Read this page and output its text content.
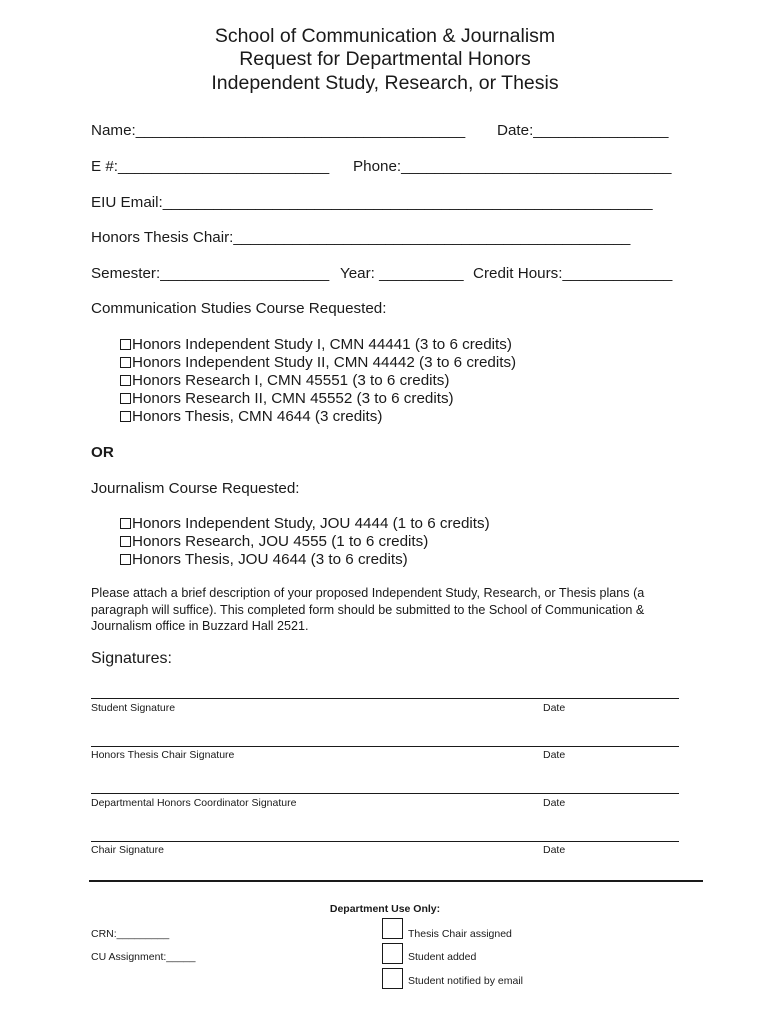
School of Communication & Journalism
Request for Departmental Honors
Independent Study, Research, or Thesis
Name:_______________________________________ Date:________________
E #:_________________________ Phone:________________________________
EIU Email:__________________________________________________________
Honors Thesis Chair:_______________________________________________
Semester:____________________ Year: __________ Credit Hours:_____________
Communication Studies Course Requested:
Honors Independent Study I, CMN 44441 (3 to 6 credits)
Honors Independent Study II, CMN 44442 (3 to 6 credits)
Honors Research I, CMN 45551 (3 to 6 credits)
Honors Research II, CMN 45552 (3 to 6 credits)
Honors Thesis, CMN 4644 (3 credits)
OR
Journalism Course Requested:
Honors Independent Study, JOU 4444 (1 to 6 credits)
Honors Research, JOU 4555 (1 to 6 credits)
Honors Thesis, JOU 4644 (3 to 6 credits)
Please attach a brief description of your proposed Independent Study, Research, or Thesis plans (a paragraph will suffice). This completed form should be submitted to the School of Communication & Journalism office in Buzzard Hall 2521.
Signatures:
Student Signature	Date
Honors Thesis Chair Signature	Date
Departmental Honors Coordinator Signature	Date
Chair Signature	Date
Department Use Only:
CRN:_________
CU Assignment:_____
Thesis Chair assigned
Student added
Student notified by email
